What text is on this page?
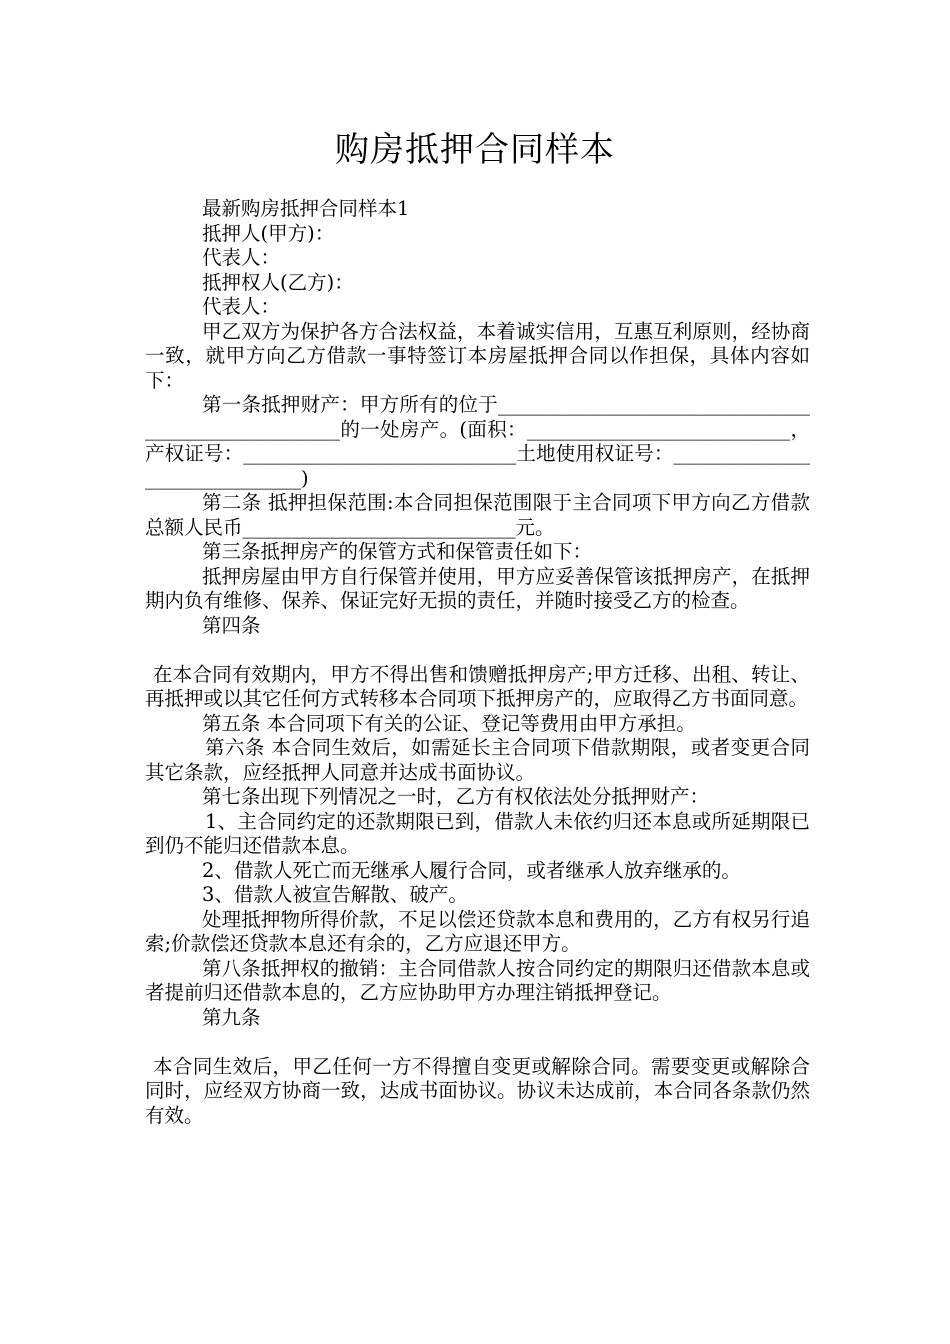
购房抵押合同样本

最新购房抵押合同样本1

抵押人(甲方)：

代表人：

抵押权人(乙方)：

代表人：

甲乙双方为保护各方合法权益，本着诚实信用，互惠互利原则，经协商一致，就甲方向乙方借款一事特签订本房屋抵押合同以作担保，具体内容如下：

第一条抵押财产：甲方所有的位于____________________________________________________的一处房产。(面积：___________________________，产权证号：____________________________土地使用权证号：______________________________)

第二条 抵押担保范围:本合同担保范围限于主合同项下甲方向乙方借款总额人民币____________________________元。

第三条抵押房产的保管方式和保管责任如下：

抵押房屋由甲方自行保管并使用，甲方应妥善保管该抵押房产，在抵押期内负有维修、保养、保证完好无损的责任，并随时接受乙方的检查。

第四条

在本合同有效期内，甲方不得出售和馈赠抵押房产;甲方迁移、出租、转让、再抵押或以其它任何方式转移本合同项下抵押房产的，应取得乙方书面同意。

第五条 本合同项下有关的公证、登记等费用由甲方承担。

第六条 本合同生效后，如需延长主合同项下借款期限，或者变更合同其它条款，应经抵押人同意并达成书面协议。

第七条出现下列情况之一时，乙方有权依法处分抵押财产：

1、主合同约定的还款期限已到，借款人未依约归还本息或所延期限已到仍不能归还借款本息。

2、借款人死亡而无继承人履行合同，或者继承人放弃继承的。

3、借款人被宣告解散、破产。

处理抵押物所得价款，不足以偿还贷款本息和费用的，乙方有权另行追索;价款偿还贷款本息还有余的，乙方应退还甲方。

第八条抵押权的撤销：主合同借款人按合同约定的期限归还借款本息或者提前归还借款本息的，乙方应协助甲方办理注销抵押登记。

第九条

本合同生效后，甲乙任何一方不得擅自变更或解除合同。需要变更或解除合同时，应经双方协商一致，达成书面协议。协议未达成前，本合同各条款仍然有效。
